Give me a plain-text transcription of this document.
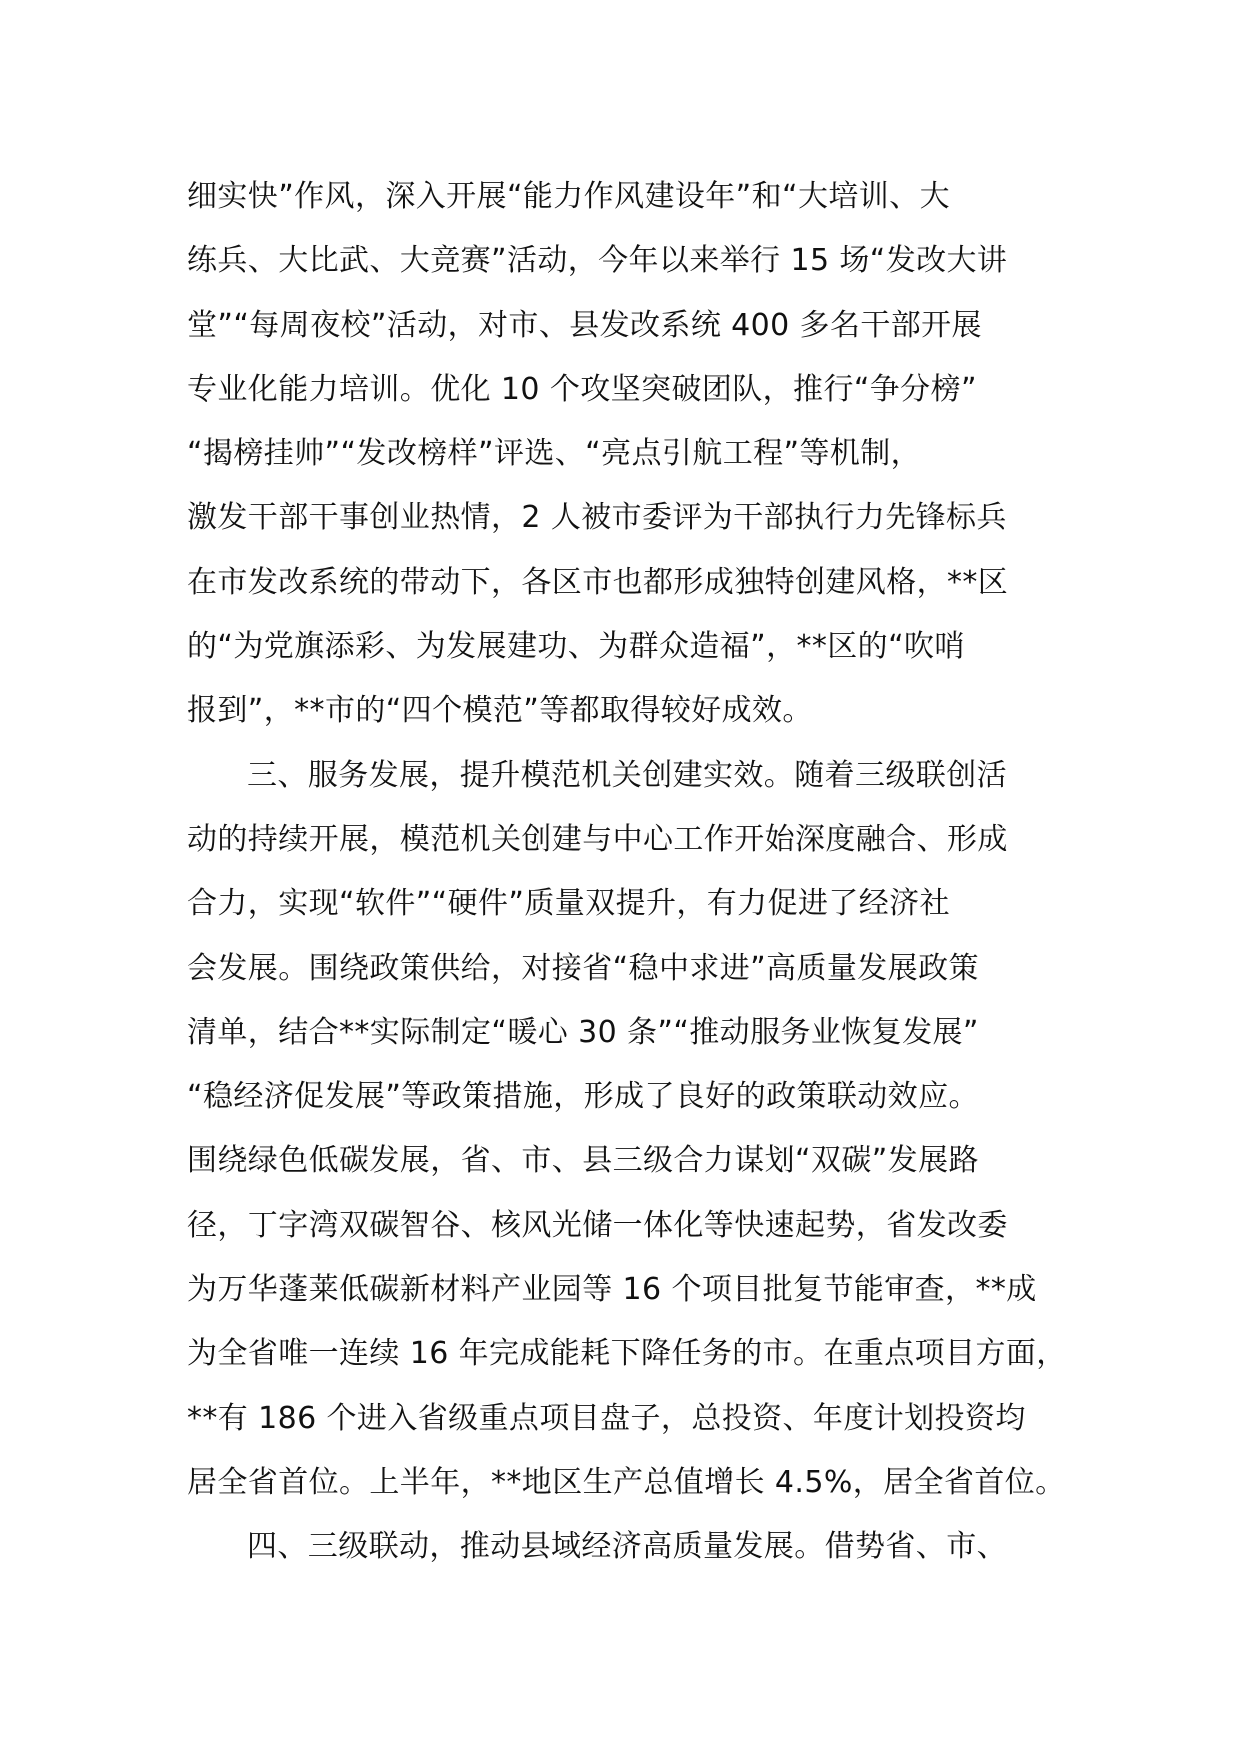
细实快”作风，深入开展“能力作风建设年”和“大培训、大
练兵、大比武、大竞赛”活动，今年以来举行 15 场“发改大讲
堂”“每周夜校”活动，对市、县发改系统 400 多名干部开展
专业化能力培训。优化 10 个攻坚突破团队，推行“争分榜”
“揭榜挂帅”“发改榜样”评选、“亮点引航工程”等机制，
激发干部干事创业热情，2 人被市委评为干部执行力先锋标兵
在市发改系统的带动下，各区市也都形成独特创建风格，**区
的“为党旗添彩、为发展建功、为群众造福”，**区的“吹哨
报到”，**市的“四个模范”等都取得较好成效。
三、服务发展，提升模范机关创建实效。随着三级联创活
动的持续开展，模范机关创建与中心工作开始深度融合、形成
合力，实现“软件”“硬件”质量双提升，有力促进了经济社
会发展。围绕政策供给，对接省“稳中求进”高质量发展政策
清单，结合**实际制定“暖心 30 条”“推动服务业恢复发展”
“稳经济促发展”等政策措施，形成了良好的政策联动效应。
围绕绿色低碳发展，省、市、县三级合力谋划“双碳”发展路
径，丁字湾双碳智谷、核风光储一体化等快速起势，省发改委
为万华蓬莱低碳新材料产业园等 16 个项目批复节能审查，**成
为全省唯一连续 16 年完成能耗下降任务的市。在重点项目方面，
**有 186 个进入省级重点项目盘子，总投资、年度计划投资均
居全省首位。上半年，**地区生产总值增长 4.5%，居全省首位。
四、三级联动，推动县域经济高质量发展。借势省、市、
